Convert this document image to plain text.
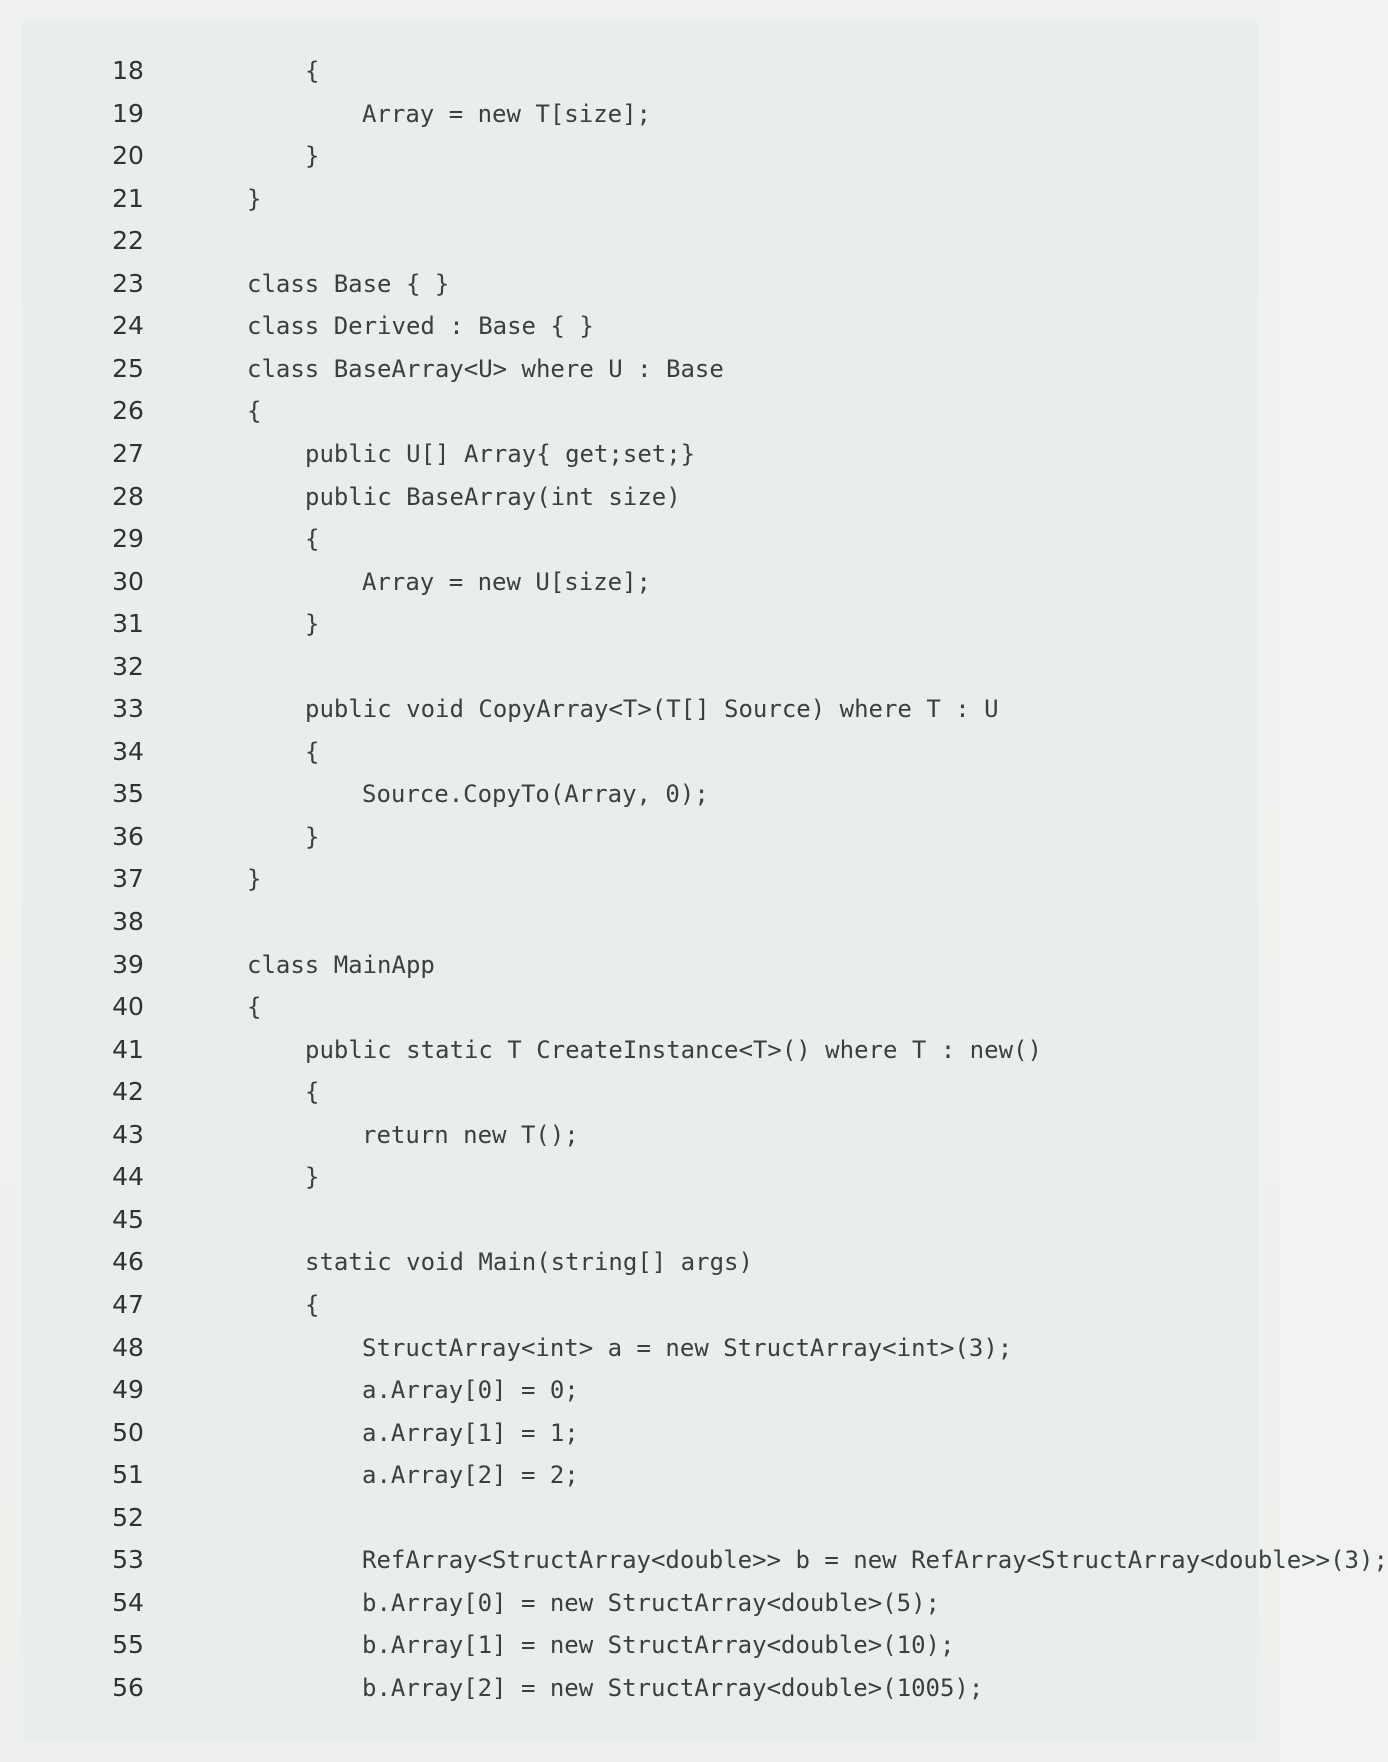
18	{
19	Array = new T[size];
20	}
21	}
22
23	class Base { }
24	class Derived : Base { }
25	class BaseArray<U> where U : Base
26	{
27	public U[] Array{ get;set;}
28	public BaseArray(int size)
29	{
30	Array = new U[size];
31	}
32
33	public void CopyArray<T>(T[] Source) where T : U
34	{
35	Source.CopyTo(Array, 0);
36	}
37	}
38
39	class MainApp
40	{
41	public static T CreateInstance<T>() where T : new()
42	{
43	return new T();
44	}
45
46	static void Main(string[] args)
47	{
48	StructArray<int> a = new StructArray<int>(3);
49	a.Array[0] = 0;
50	a.Array[1] = 1;
51	a.Array[2] = 2;
52
53	RefArray<StructArray<double>> b = new RefArray<StructArray<double>>(3);
54	b.Array[0] = new StructArray<double>(5);
55	b.Array[1] = new StructArray<double>(10);
56	b.Array[2] = new StructArray<double>(1005);
